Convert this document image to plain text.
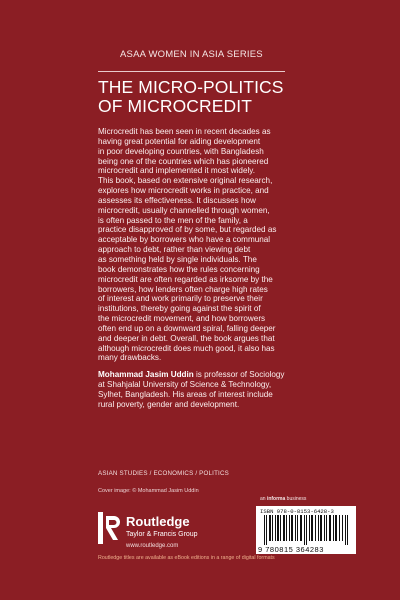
ASAA WOMEN IN ASIA SERIES
THE MICRO-POLITICS
OF MICROCREDIT
Microcredit has been seen in recent decades as
having great potential for aiding development
in poor developing countries, with Bangladesh
being one of the countries which has pioneered
microcredit and implemented it most widely.
This book, based on extensive original research,
explores how microcredit works in practice, and
assesses its effectiveness. It discusses how
microcredit, usually channelled through women,
is often passed to the men of the family, a
practice disapproved of by some, but regarded as
acceptable by borrowers who have a communal
approach to debt, rather than viewing debt
as something held by single individuals. The
book demonstrates how the rules concerning
microcredit are often regarded as irksome by the
borrowers, how lenders often charge high rates
of interest and work primarily to preserve their
institutions, thereby going against the spirit of
the microcredit movement, and how borrowers
often end up on a downward spiral, falling deeper
and deeper in debt. Overall, the book argues that
although microcredit does much good, it also has
many drawbacks.
Mohammad Jasim Uddin is professor of Sociology
at Shahjalal University of Science & Technology,
Sylhet, Bangladesh. His areas of interest include
rural poverty, gender and development.
ASIAN STUDIES / ECONOMICS / POLITICS
Cover image: © Mohammad Jasim Uddin
an informa business
ISBN 978-0-8153-6428-3
9 780815 364283
Routledge
Taylor & Francis Group
www.routledge.com
Routledge titles are available as eBook editions in a range of digital formats
